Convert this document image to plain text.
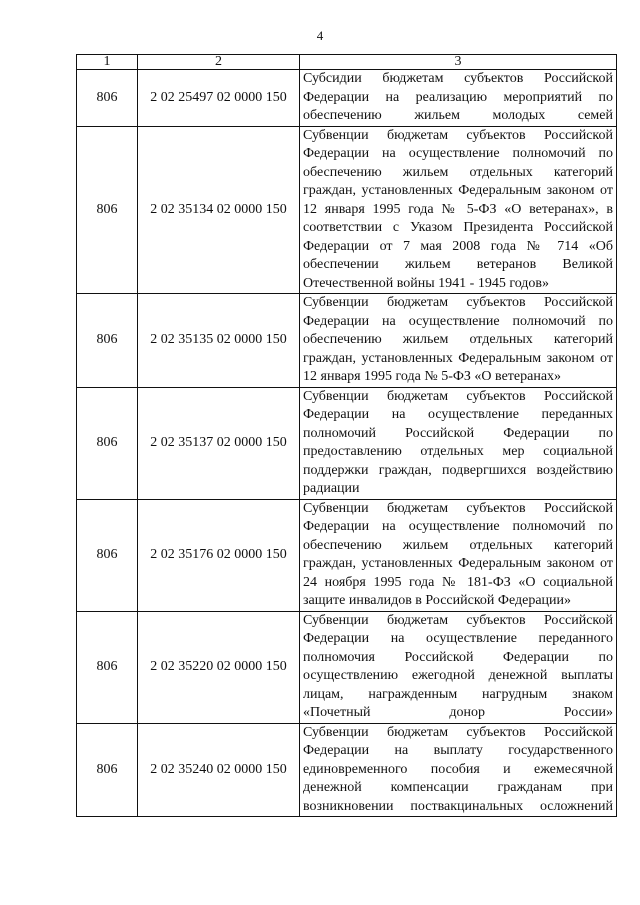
4
1	2	3
806	2 02 25497 02 0000 150	Субсидии бюджетам субъектов Российской Федерации на реализацию мероприятий по обеспечению жильем молодых семей
806	2 02 35134 02 0000 150	Субвенции бюджетам субъектов Российской Федерации на осуществление полномочий по обеспечению жильем отдельных категорий граждан, установленных Федеральным законом от 12 января 1995 года № 5-ФЗ «О ветеранах», в соответствии с Указом Президента Российской Федерации от 7 мая 2008 года № 714 «Об обеспечении жильем ветеранов Великой Отечественной войны 1941 - 1945 годов»
806	2 02 35135 02 0000 150	Субвенции бюджетам субъектов Российской Федерации на осуществление полномочий по обеспечению жильем отдельных категорий граждан, установленных Федеральным законом от 12 января 1995 года № 5-ФЗ «О ветеранах»
806	2 02 35137 02 0000 150	Субвенции бюджетам субъектов Российской Федерации на осуществление переданных полномочий Российской Федерации по предоставлению отдельных мер социальной поддержки граждан, подвергшихся воздействию радиации
806	2 02 35176 02 0000 150	Субвенции бюджетам субъектов Российской Федерации на осуществление полномочий по обеспечению жильем отдельных категорий граждан, установленных Федеральным законом от 24 ноября 1995 года № 181-ФЗ «О социальной защите инвалидов в Российской Федерации»
806	2 02 35220 02 0000 150	Субвенции бюджетам субъектов Российской Федерации на осуществление переданного полномочия Российской Федерации по осуществлению ежегодной денежной выплаты лицам, награжденным нагрудным знаком «Почетный донор России»
806	2 02 35240 02 0000 150	Субвенции бюджетам субъектов Российской Федерации на выплату государственного единовременного пособия и ежемесячной денежной компенсации гражданам при возникновении поствакцинальных осложнений
